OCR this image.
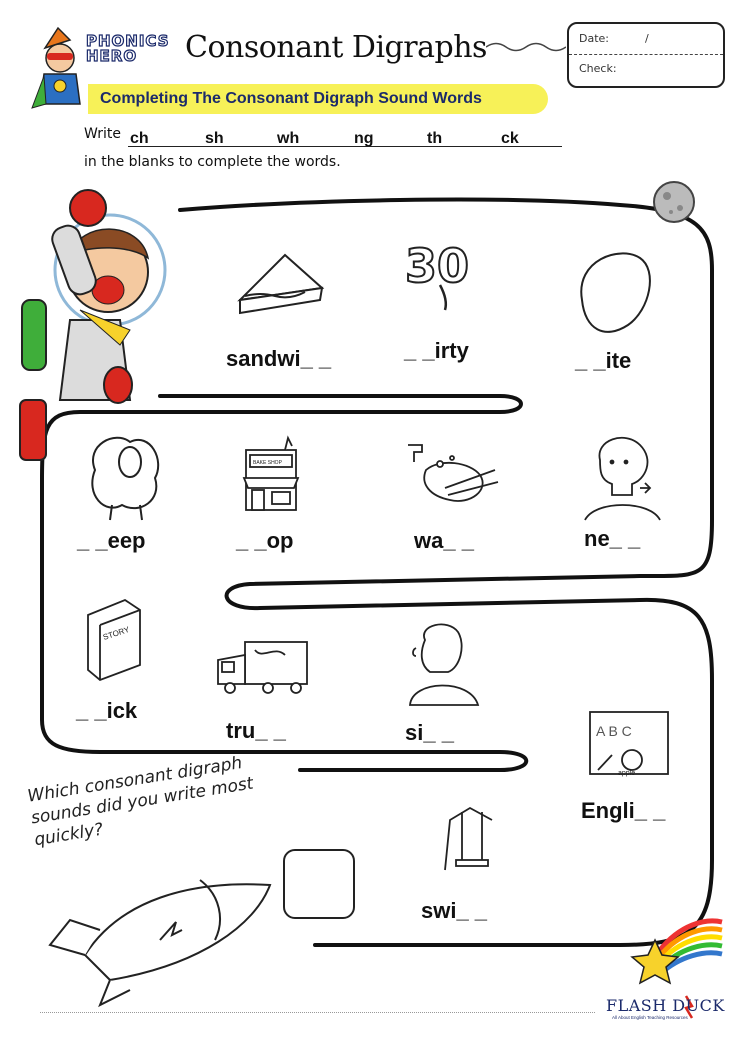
30
BAKE SHOP
STORY
A B C
apple
PHONICS
HERO	Consonant Digraphs	Date:	/
Check:
Completing The Consonant Digraph Sound Words
Write ch	sh	wh	ng	th	ck
in the blanks to complete the words.
sandwi_ _	_ _irty	_ _ite
_ _eep	_ _op	wa_ _	ne_ _
_ _ick
tru_ _	si_ _
Engli_ _
swi_ _
Which consonant digraph sounds did you write most quickly?
FLASH DUCK
All About English Teaching Resources
